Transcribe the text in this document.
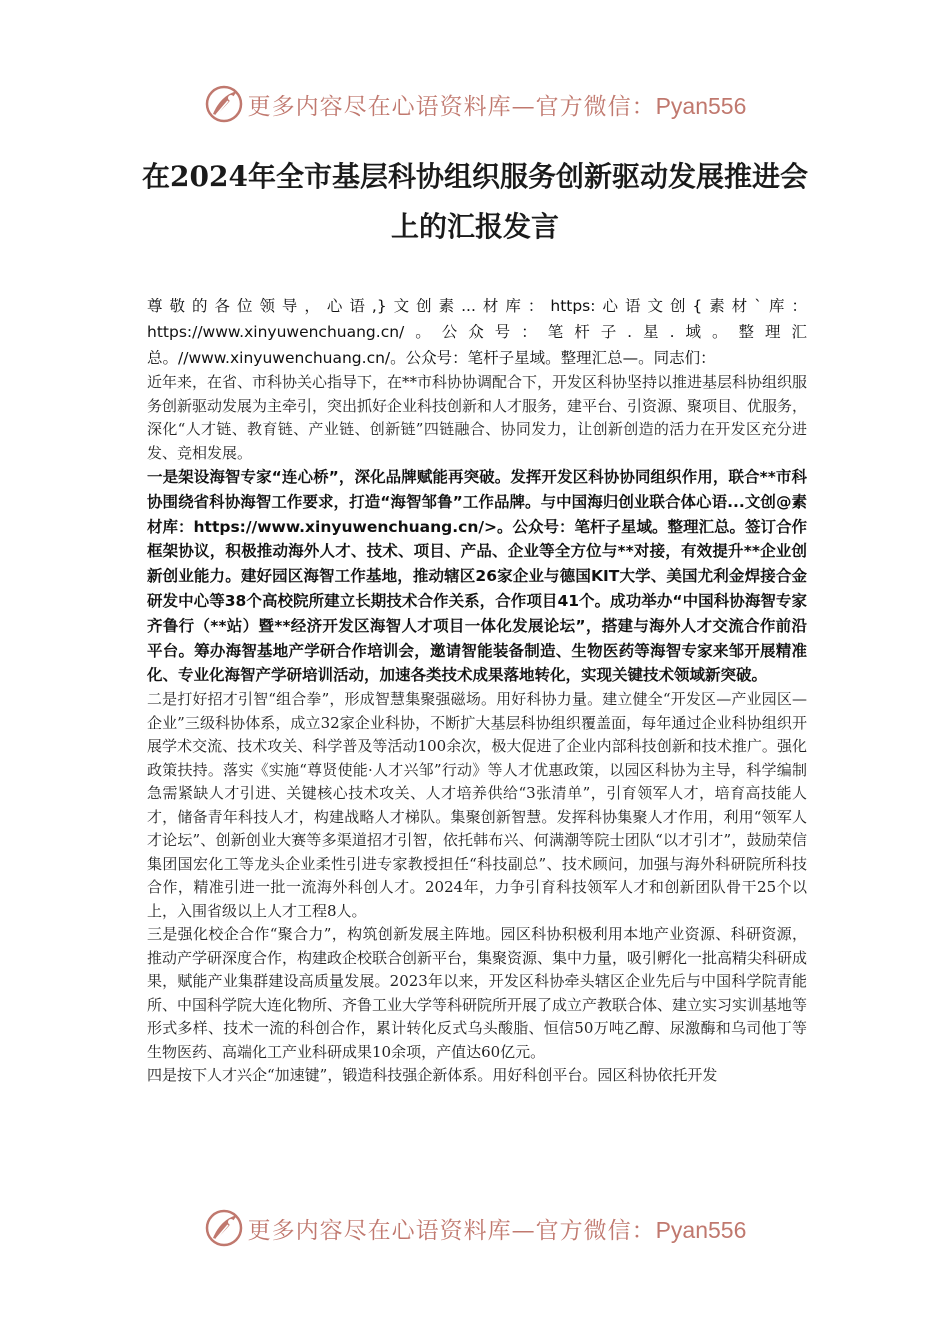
更多内容尽在心语资料库—官方微信：Pyan556
在2024年全市基层科协组织服务创新驱动发展推进会上的汇报发言

尊敬的各位领导，心语,}文创素...材库：https:心语文创{素材`库：https://www.xinyuwenchuang.cn/。公众号：笔杆子.星.域。整理汇总。//www.xinyuwenchuang.cn/。公众号：笔杆子星域。整理汇总—。同志们：

近年来，在省、市科协关心指导下，在**市科协协调配合下，开发区科协坚持以推进基层科协组织服务创新驱动发展为主牵引，突出抓好企业科技创新和人才服务，建平台、引资源、聚项目、优服务，深化“人才链、教育链、产业链、创新链”四链融合、协同发力，让创新创造的活力在开发区充分进发、竞相发展。

一是架设海智专家“连心桥”，深化品牌赋能再突破。发挥开发区科协协同组织作用，联合**市科协围绕省科协海智工作要求，打造“海智邹鲁”工作品牌。与中国海归创业联合体心语...文创@素材库：https://www.xinyuwenchuang.cn/>。公众号：笔杆子星域。整理汇总。签订合作框架协议，积极推动海外人才、技术、项目、产品、企业等全方位与**对接，有效提升**企业创新创业能力。建好园区海智工作基地，推动辖区26家企业与德国KIT大学、美国尤利金焊接合金研发中心等38个高校院所建立长期技术合作关系，合作项目41个。成功举办“中国科协海智专家齐鲁行（**站）暨**经济开发区海智人才项目一体化发展论坛”，搭建与海外人才交流合作前沿平台。筹办海智基地产学研合作培训会，邀请智能装备制造、生物医药等海智专家来邹开展精准化、专业化海智产学研培训活动，加速各类技术成果落地转化，实现关键技术领域新突破。

二是打好招才引智“组合拳”，形成智慧集聚强磁场。用好科协力量。建立健全“开发区—产业园区—企业”三级科协体系，成立32家企业科协，不断扩大基层科协组织覆盖面，每年通过企业科协组织开展学术交流、技术攻关、科学普及等活动100余次，极大促进了企业内部科技创新和技术推广。强化政策扶持。落实《实施“尊贤使能·人才兴邹”行动》等人才优惠政策，以园区科协为主导，科学编制急需紧缺人才引进、关键核心技术攻关、人才培养供给“3张清单”，引育领军人才，培育高技能人才，储备青年科技人才，构建战略人才梯队。集聚创新智慧。发挥科协集聚人才作用，利用“领军人才论坛”、创新创业大赛等多渠道招才引智，依托韩布兴、何满潮等院士团队“以才引才”，鼓励荣信集团国宏化工等龙头企业柔性引进专家教授担任“科技副总”、技术顾问，加强与海外科研院所科技合作，精准引进一批一流海外科创人才。2024年，力争引育科技领军人才和创新团队骨干25个以上，入围省级以上人才工程8人。

三是强化校企合作“聚合力”，构筑创新发展主阵地。园区科协积极利用本地产业资源、科研资源，推动产学研深度合作，构建政企校联合创新平台，集聚资源、集中力量，吸引孵化一批高精尖科研成果，赋能产业集群建设高质量发展。2023年以来，开发区科协牵头辖区企业先后与中国科学院青能所、中国科学院大连化物所、齐鲁工业大学等科研院所开展了成立产教联合体、建立实习实训基地等形式多样、技术一流的科创合作，累计转化反式乌头酸脂、恒信50万吨乙醇、尿激酶和乌司他丁等生物医药、高端化工产业科研成果10余项，产值达60亿元。

四是按下人才兴企“加速键”，锻造科技强企新体系。用好科创平台。园区科协依托开发

更多内容尽在心语资料库—官方微信：Pyan556
